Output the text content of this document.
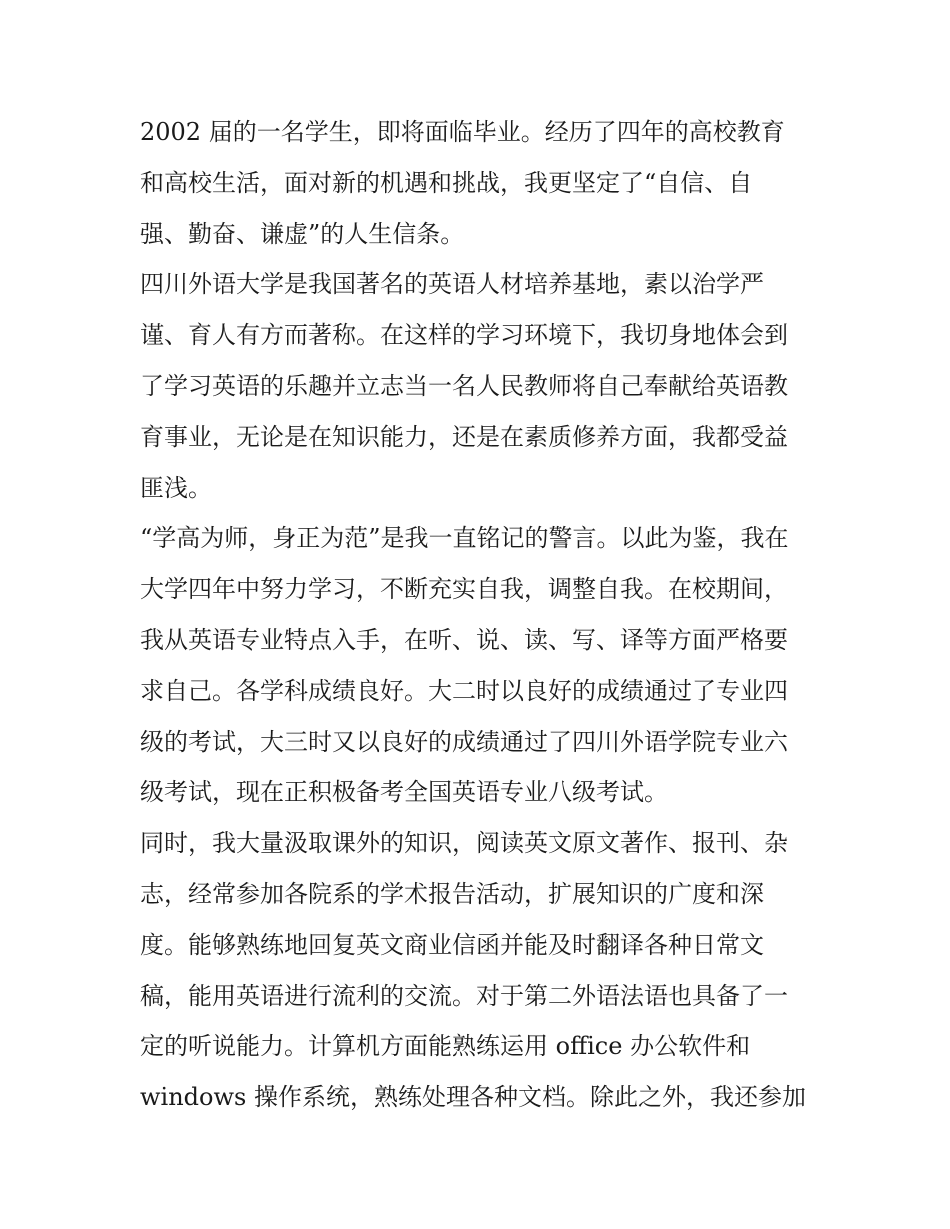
2002 届的一名学生，即将面临毕业。经历了四年的高校教育
和高校生活，面对新的机遇和挑战，我更坚定了“自信、自
强、勤奋、谦虚”的人生信条。
四川外语大学是我国著名的英语人材培养基地，素以治学严
谨、育人有方而著称。在这样的学习环境下，我切身地体会到
了学习英语的乐趣并立志当一名人民教师将自己奉献给英语教
育事业，无论是在知识能力，还是在素质修养方面，我都受益
匪浅。
“学高为师，身正为范”是我一直铭记的警言。以此为鉴，我在
大学四年中努力学习，不断充实自我，调整自我。在校期间，
我从英语专业特点入手，在听、说、读、写、译等方面严格要
求自己。各学科成绩良好。大二时以良好的成绩通过了专业四
级的考试，大三时又以良好的成绩通过了四川外语学院专业六
级考试，现在正积极备考全国英语专业八级考试。
同时，我大量汲取课外的知识，阅读英文原文著作、报刊、杂
志，经常参加各院系的学术报告活动，扩展知识的广度和深
度。能够熟练地回复英文商业信函并能及时翻译各种日常文
稿，能用英语进行流利的交流。对于第二外语法语也具备了一
定的听说能力。计算机方面能熟练运用 office 办公软件和
windows 操作系统，熟练处理各种文档。除此之外，我还参加
